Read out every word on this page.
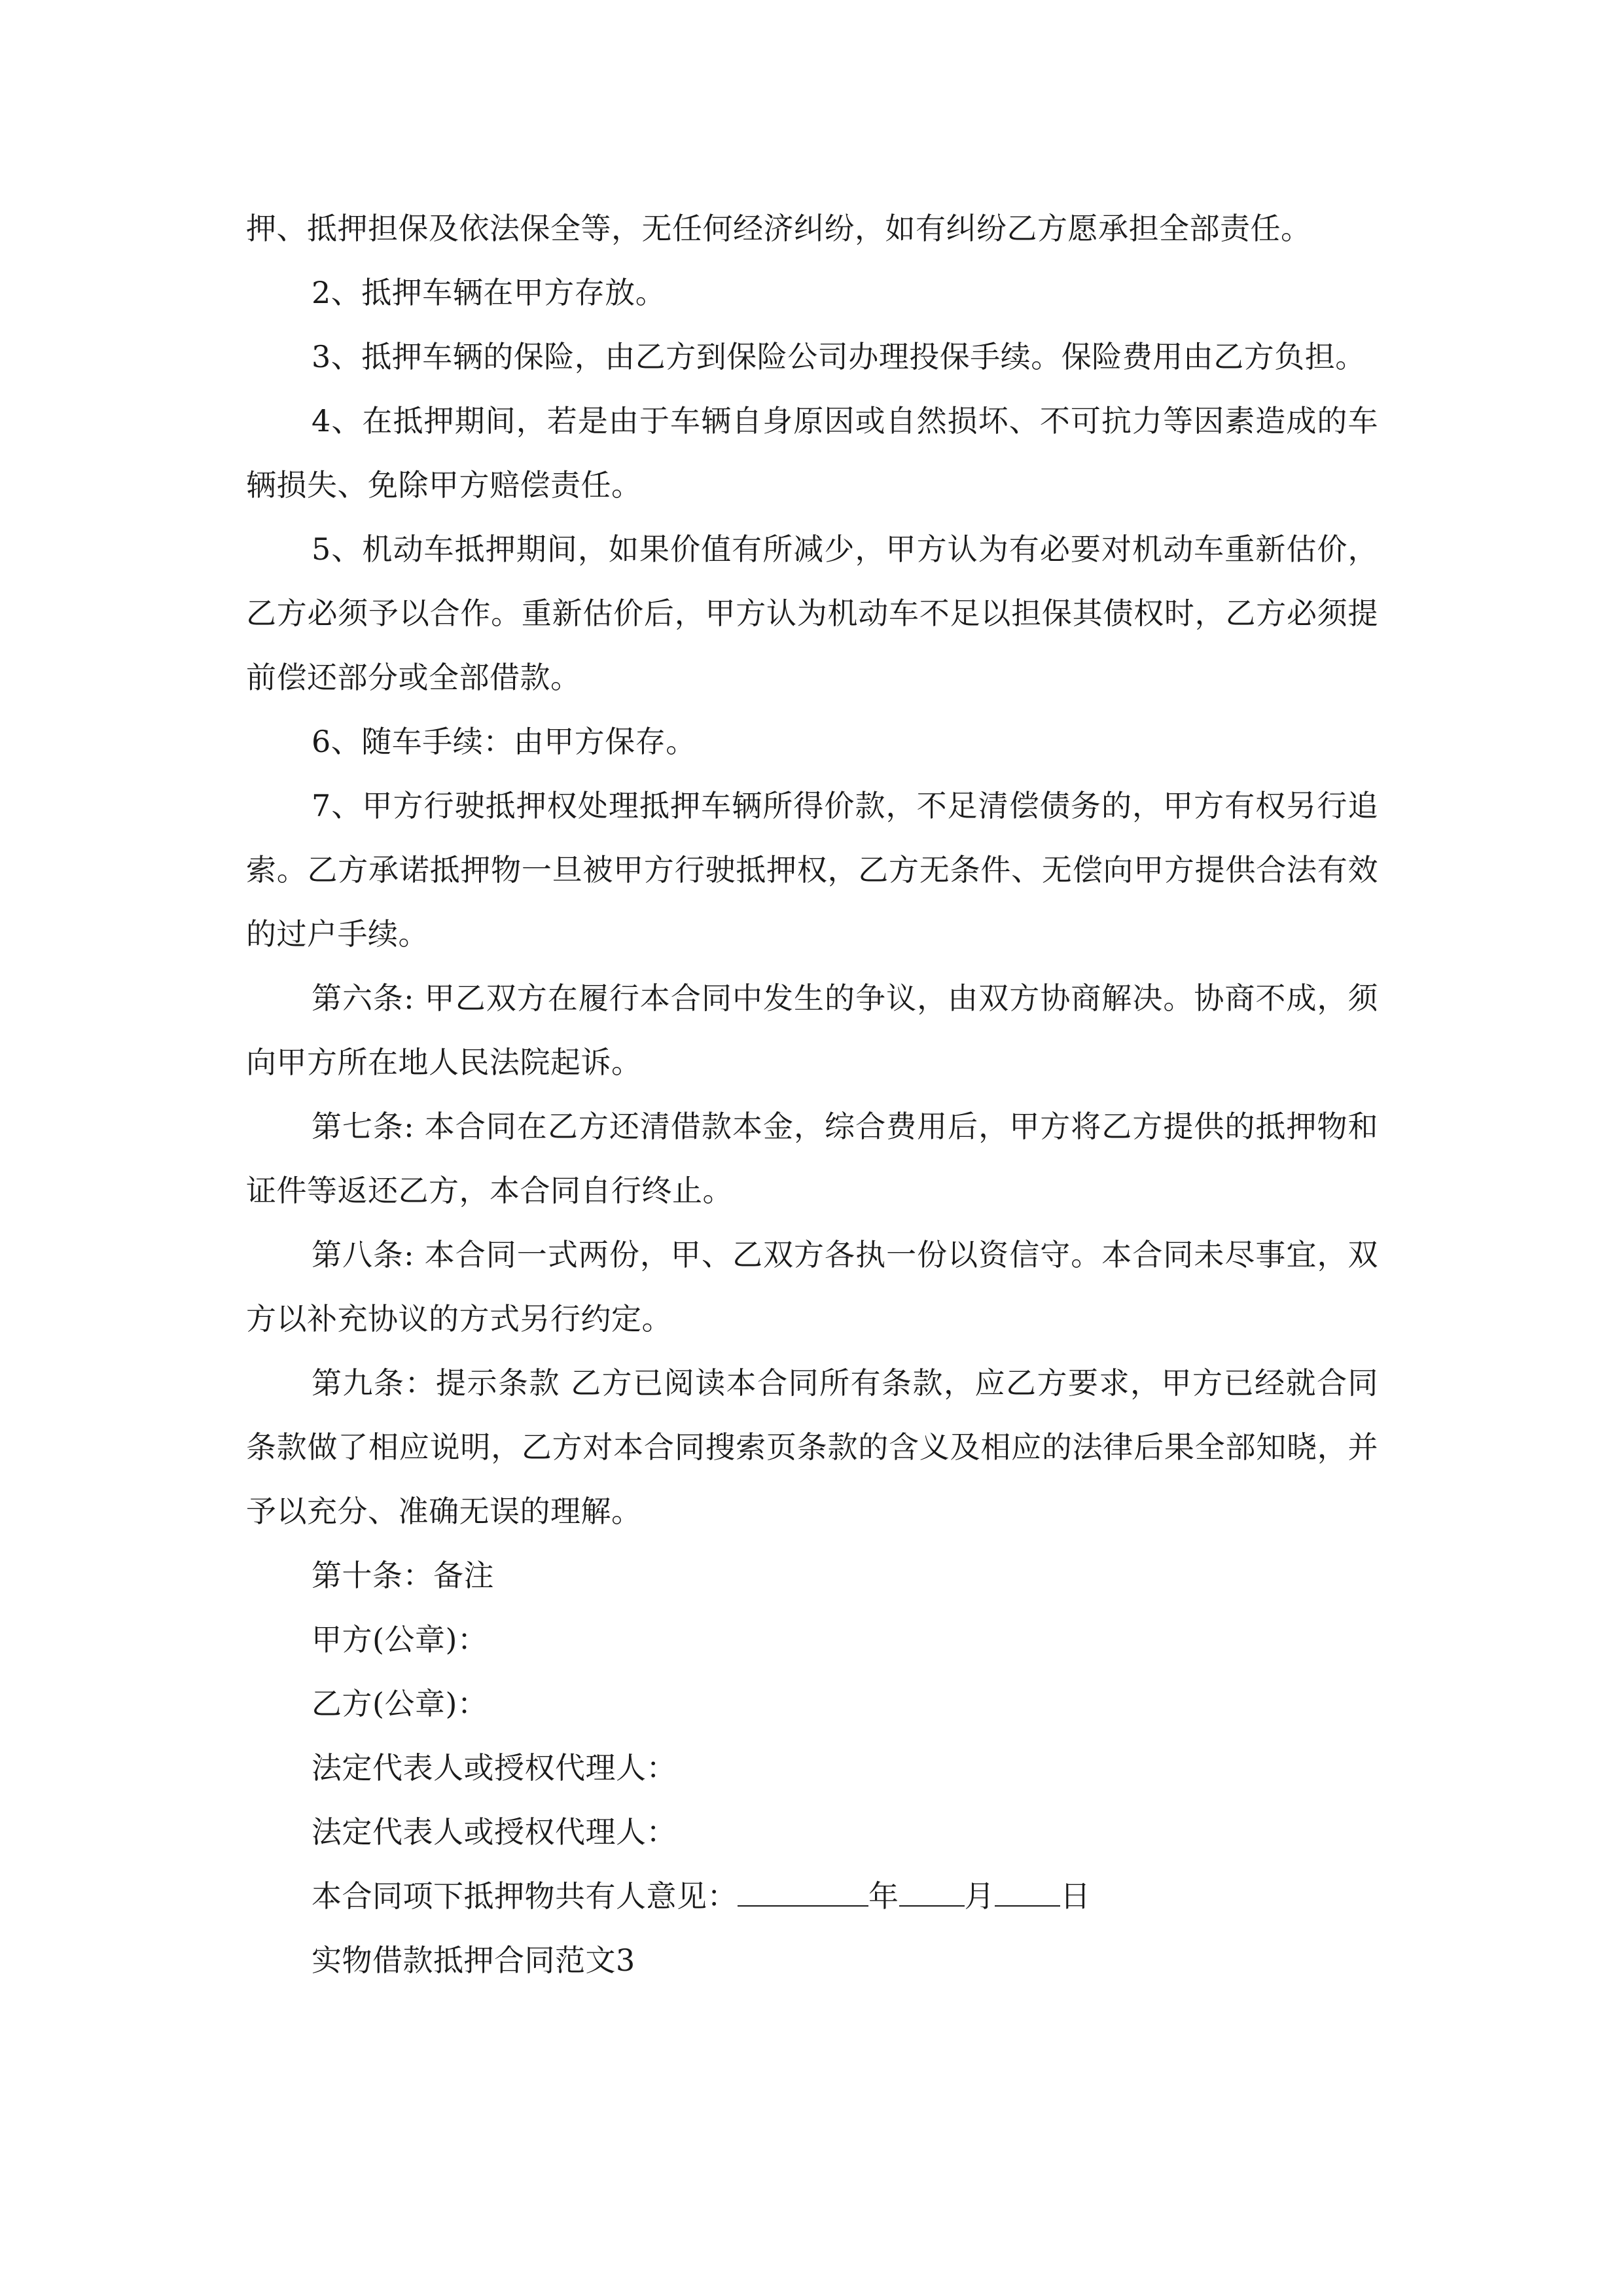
押、抵押担保及依法保全等，无任何经济纠纷，如有纠纷乙方愿承担全部责任。

2、抵押车辆在甲方存放。

3、抵押车辆的保险，由乙方到保险公司办理投保手续。保险费用由乙方负担。

4、在抵押期间，若是由于车辆自身原因或自然损坏、不可抗力等因素造成的车辆损失、免除甲方赔偿责任。

5、机动车抵押期间，如果价值有所减少，甲方认为有必要对机动车重新估价，乙方必须予以合作。重新估价后，甲方认为机动车不足以担保其债权时，乙方必须提前偿还部分或全部借款。

6、随车手续：由甲方保存。

7、甲方行驶抵押权处理抵押车辆所得价款，不足清偿债务的，甲方有权另行追索。乙方承诺抵押物一旦被甲方行驶抵押权，乙方无条件、无偿向甲方提供合法有效的过户手续。

第六条: 甲乙双方在履行本合同中发生的争议，由双方协商解决。协商不成，须向甲方所在地人民法院起诉。

第七条: 本合同在乙方还清借款本金，综合费用后，甲方将乙方提供的抵押物和证件等返还乙方，本合同自行终止。

第八条: 本合同一式两份，甲、乙双方各执一份以资信守。本合同未尽事宜，双方以补充协议的方式另行约定。

第九条：提示条款 乙方已阅读本合同所有条款，应乙方要求，甲方已经就合同条款做了相应说明，乙方对本合同搜索页条款的含义及相应的法律后果全部知晓，并予以充分、准确无误的理解。

第十条：备注

甲方(公章)：

乙方(公章)：

法定代表人或授权代理人：

法定代表人或授权代理人：

本合同项下抵押物共有人意见：	年 月 日

实物借款抵押合同范文3
